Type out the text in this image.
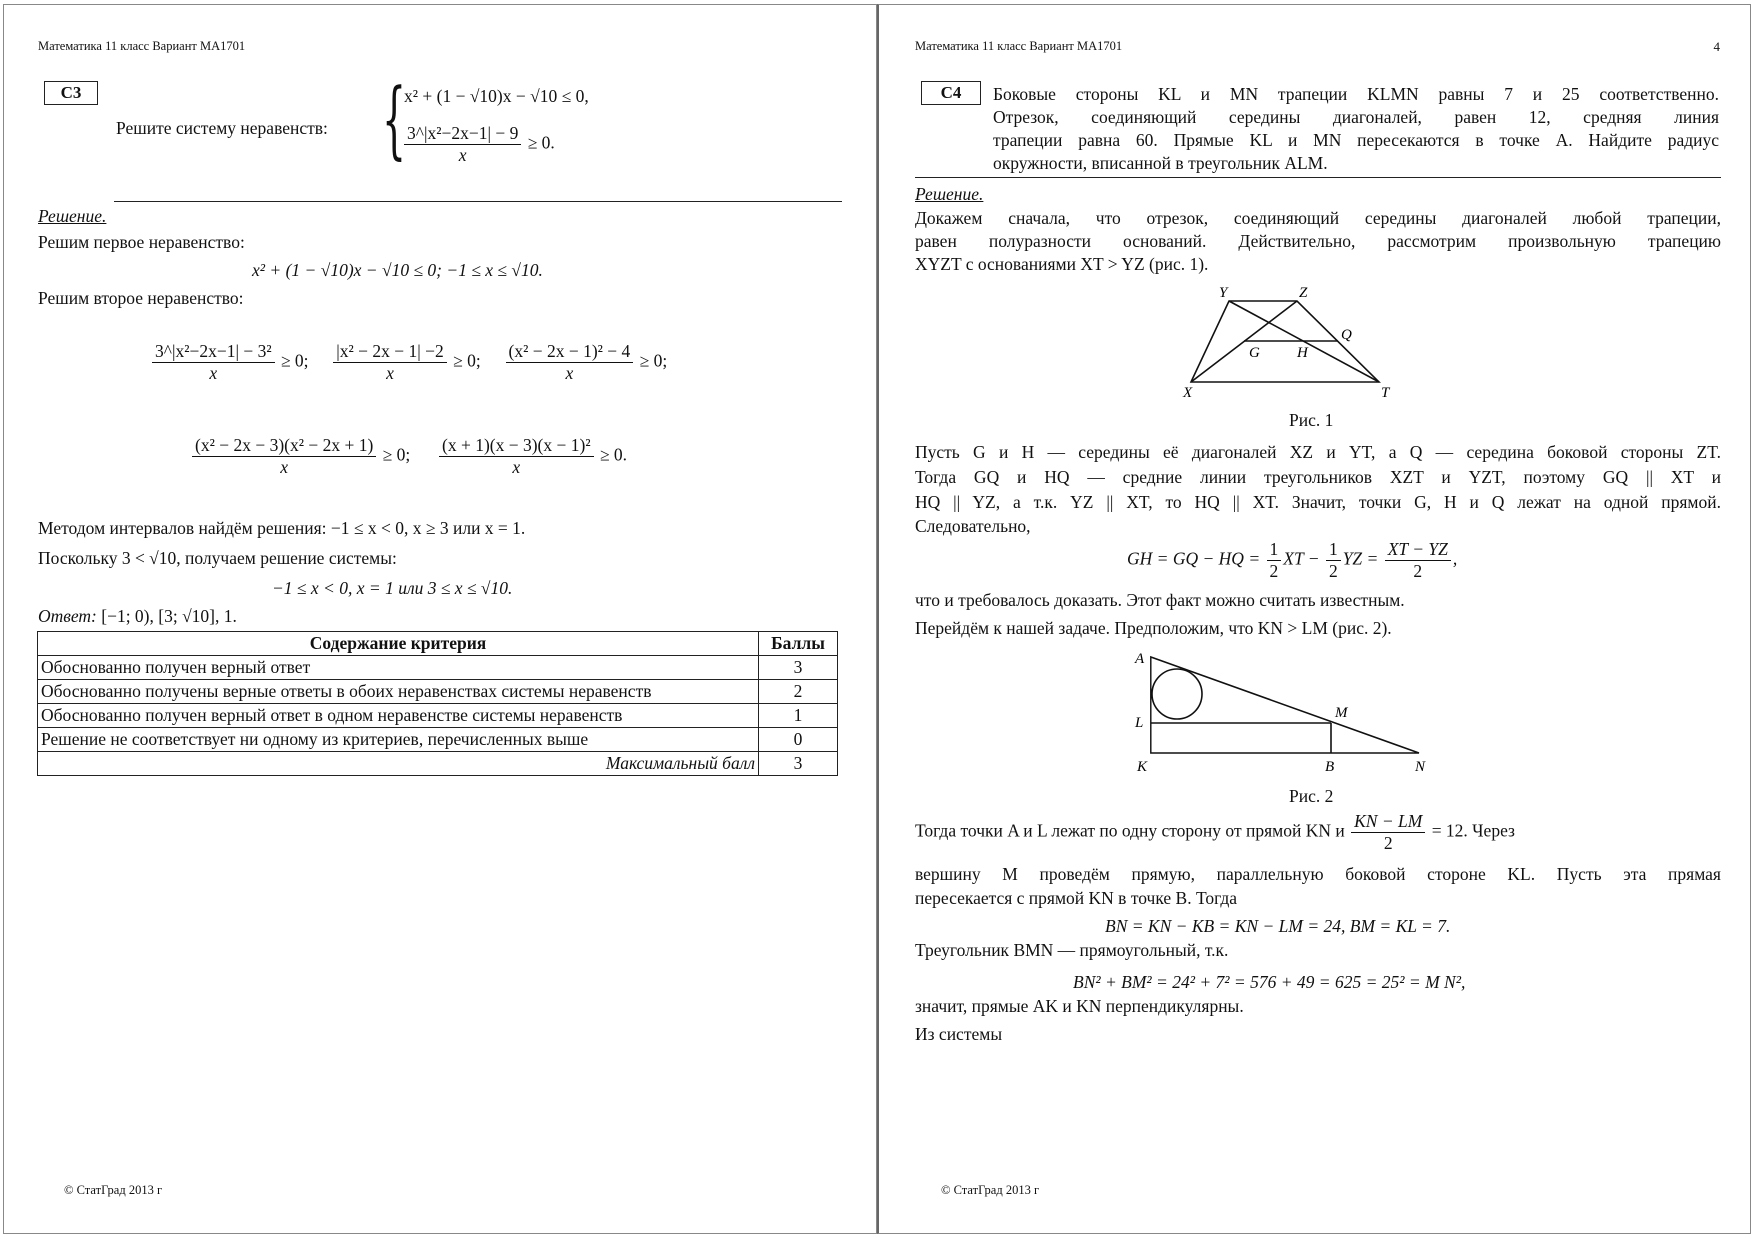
Математика 11 класс Вариант МА1701
С3
Решите систему неравенств: {
x² + (1 − √10)x − √10 ≤ 0,
$\frac{\text{3\textasciicircum{}|x²−2x−1| − 9}}{x} \ge 0$.
Решение.
Решим первое неравенство:
x² + (1 − √10)x − √10 ≤ 0; −1 ≤ x ≤ √10.
Решим второе неравенство:
$\frac{\text{3\textasciicircum{}|x²−2x−1| − 3²}}{x} \ge 0$; $\frac{\text{|x² − 2x − 1| −2}}{x} \ge 0$; $\frac{\text{(x² − 2x − 1)² − 4}}{x} \ge 0$;
$\frac{\text{(x² − 2x − 3)(x² − 2x + 1)}}{x} \ge 0$; $\frac{\text{(x + 1)(x − 3)(x − 1)²}}{x} \ge 0$.
Методом интервалов найдём решения: −1 ≤ x < 0, x ≥ 3 или x = 1.
Поскольку 3 < √10, получаем решение системы:
−1 ≤ x < 0, x = 1 или 3 ≤ x ≤ √10.
Ответ: [−1; 0), [3; √10], 1.
Содержание критерия	Баллы
Обоснованно получен верный ответ	3
Обоснованно получены верные ответы в обоих неравенствах системы неравенств	2
Обоснованно получен верный ответ в одном неравенстве системы неравенств	1
Решение не соответствует ни одному из критериев, перечисленных выше	0
Максимальный балл	3
© СтатГрад 2013 г
Математика 11 класс Вариант МА1701	4
С4	Боковые стороны KL и MN трапеции KLMN равны 7 и 25 соответственно.
Отрезок, соединяющий середины диагоналей, равен 12, средняя линия
трапеции равна 60. Прямые KL и MN пересекаются в точке A. Найдите радиус
окружности, вписанной в треугольник ALM.
Решение.
Докажем сначала, что отрезок, соединяющий середины диагоналей любой трапеции,
равен полуразности оснований. Действительно, рассмотрим произвольную трапецию
XYZT с основаниями XT > YZ (рис. 1).
Y	Z
Q
G H
X	T
Рис. 1
Пусть G и H — середины её диагоналей XZ и YT, а Q — середина боковой стороны ZT.
Тогда GQ и HQ — средние линии треугольников XZT и YZT, поэтому GQ || XT и
HQ || YZ, а т.к. YZ || XT, то HQ || XT. Значит, точки G, H и Q лежат на одной прямой.
Следовательно,
GH = GQ − HQ = $\frac{1}{2}$ XT − $\frac{1}{2}$ YZ = $\frac{XT - YZ}{2}$ ,
что и требовалось доказать. Этот факт можно считать известным.
Перейдём к нашей задаче. Предположим, что KN > LM (рис. 2).
A
L
M
K	B	N
Рис. 2
Тогда точки A и L лежат по одну сторону от прямой KN и $\frac{KN - LM}{2} = 12$. Через
вершину M проведём прямую, параллельную боковой стороне KL. Пусть эта прямая
пересекается с прямой KN в точке B. Тогда
BN = KN − KB = KN − LM = 24, BM = KL = 7.
Треугольник BMN — прямоугольный, т.к.
BN² + BM² = 24² + 7² = 576 + 49 = 625 = 25² = M N²,
значит, прямые AK и KN перпендикулярны.
Из системы
© СтатГрад 2013 г
